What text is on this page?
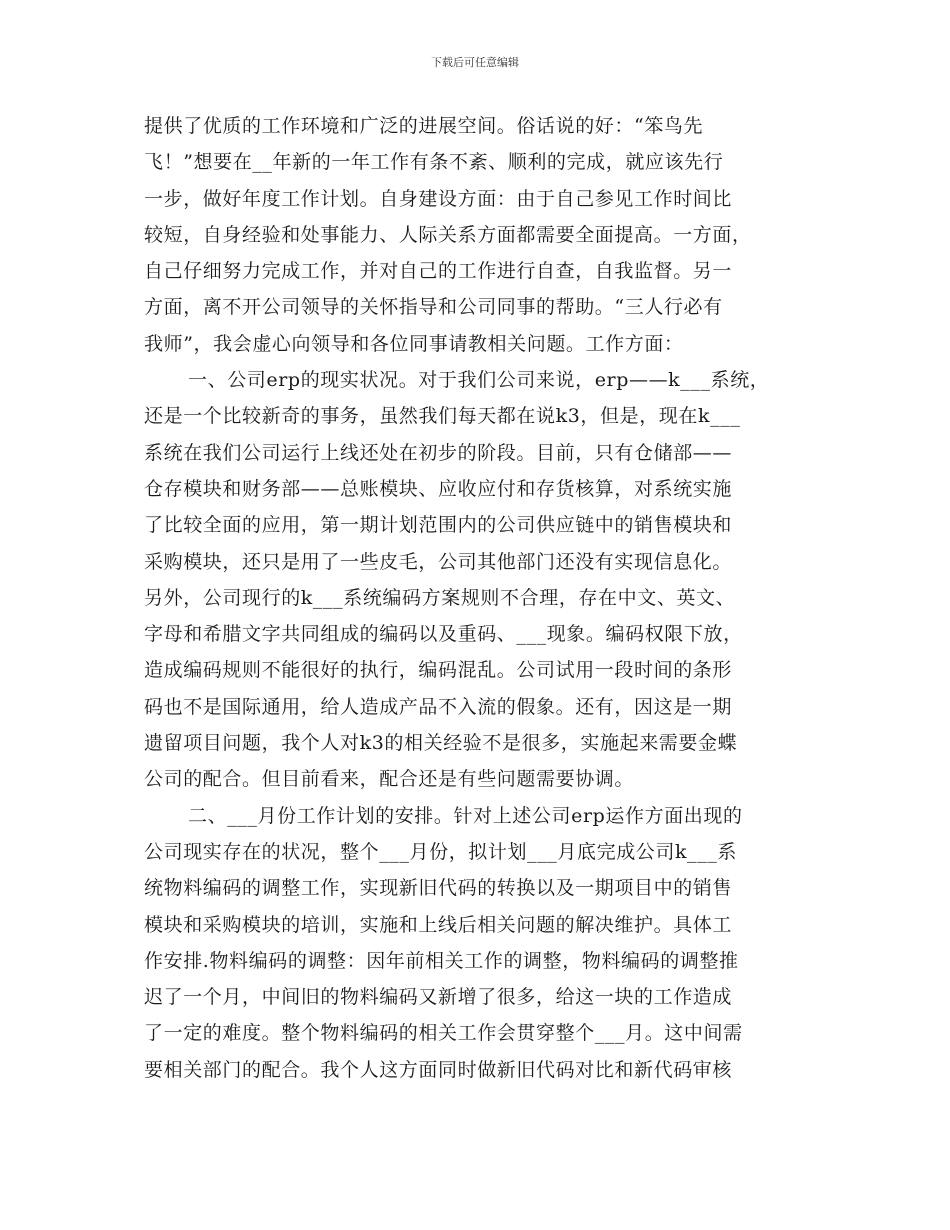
下载后可任意编辑
提供了优质的工作环境和广泛的进展空间。俗话说的好：“笨鸟先
飞！”想要在__年新的一年工作有条不紊、顺利的完成，就应该先行
一步，做好年度工作计划。自身建设方面：由于自己参见工作时间比
较短，自身经验和处事能力、人际关系方面都需要全面提高。一方面，
自己仔细努力完成工作，并对自己的工作进行自查，自我监督。另一
方面，离不开公司领导的关怀指导和公司同事的帮助。“三人行必有
我师”，我会虚心向领导和各位同事请教相关问题。工作方面：
一、公司erp的现实状况。对于我们公司来说，erp——k___系统，
还是一个比较新奇的事务，虽然我们每天都在说k3，但是，现在k___
系统在我们公司运行上线还处在初步的阶段。目前，只有仓储部——
仓存模块和财务部——总账模块、应收应付和存货核算，对系统实施
了比较全面的应用，第一期计划范围内的公司供应链中的销售模块和
采购模块，还只是用了一些皮毛，公司其他部门还没有实现信息化。
另外，公司现行的k___系统编码方案规则不合理，存在中文、英文、
字母和希腊文字共同组成的编码以及重码、___现象。编码权限下放，
造成编码规则不能很好的执行，编码混乱。公司试用一段时间的条形
码也不是国际通用，给人造成产品不入流的假象。还有，因这是一期
遗留项目问题，我个人对k3的相关经验不是很多，实施起来需要金蝶
公司的配合。但目前看来，配合还是有些问题需要协调。
二、___月份工作计划的安排。针对上述公司erp运作方面出现的
公司现实存在的状况，整个___月份，拟计划___月底完成公司k___系
统物料编码的调整工作，实现新旧代码的转换以及一期项目中的销售
模块和采购模块的培训，实施和上线后相关问题的解决维护。具体工
作安排.物料编码的调整：因年前相关工作的调整，物料编码的调整推
迟了一个月，中间旧的物料编码又新增了很多，给这一块的工作造成
了一定的难度。整个物料编码的相关工作会贯穿整个___月。这中间需
要相关部门的配合。我个人这方面同时做新旧代码对比和新代码审核
